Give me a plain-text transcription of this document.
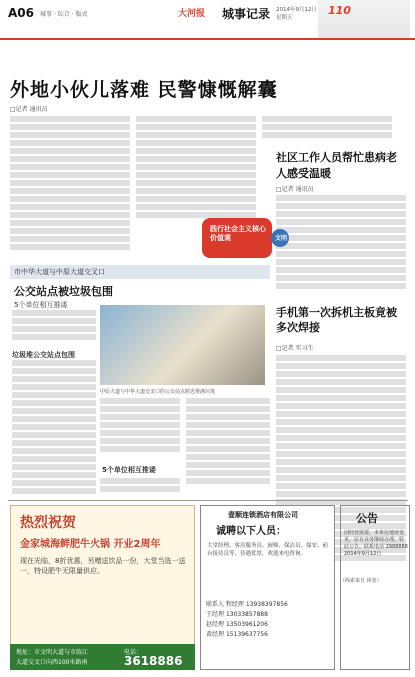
A06 城事 · 综合 · 版式	大河报 城事记录 2014年9月12日
星期五
110
外地小伙儿落难 民警慷慨解囊
□记者 通讯员
社区工作人员帮忙患病老人感受温暖
□记者 通讯员
践行社会主义核心价值观	文明
市中华大道与中原大道交叉口
公交站点被垃圾包围
5个单位相互推诿
垃圾堆公交站点包围
中原大道与中华大道交叉口的公交站点附近堆满垃圾
5个单位相互推诿
手机第一次拆机主板竟被多次焊接
□记者 实习生
（线索来自 读者）
热烈祝贺
金家城海鲜肥牛火锅 开业2周年
现在光临，8折优惠，另赠送饮品一份，大堂当选一送一，特设肥牛无限量供应。
地址：市文明大道与市练江
大道交叉口向西100米路南
电话：
3618886
壹顺连锁酒店有限公司
诚聘以下人员：
大堂经理、客房服务员、厨师、保洁员、保安、前台接待员等，待遇优厚，欢迎来电咨询。
联系人 程经理 13938397856
王经理 13033857888
赵经理 13503961206
黄经理 15139637756
公告
因经营需要，本单位地址变更，原有业务继续办理，特此公告。联系电话 2988888 2014年9月12日
